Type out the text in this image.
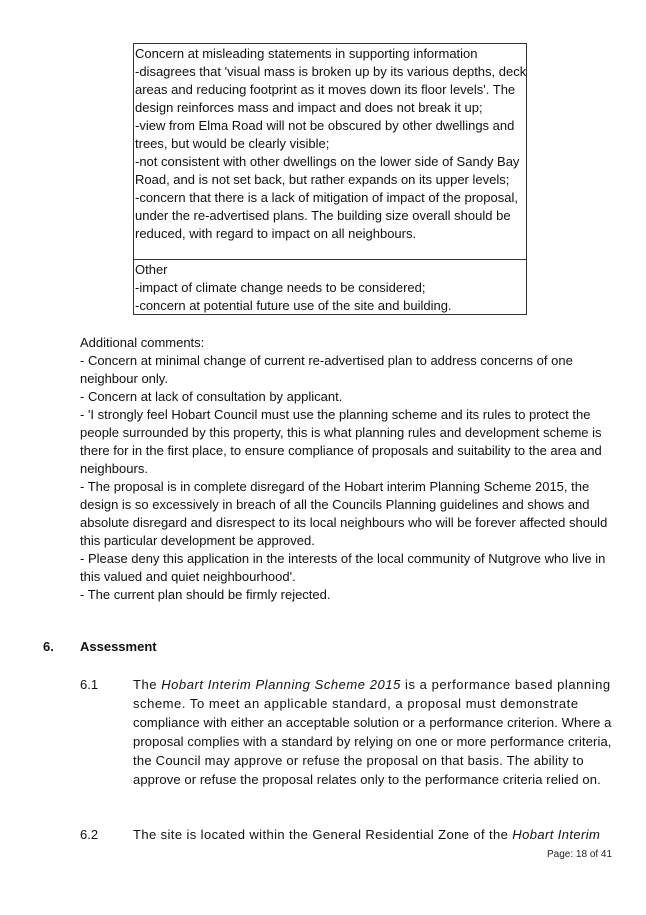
Concern at misleading statements in supporting information
-disagrees that 'visual mass is broken up by its various depths, deck
areas and reducing footprint as it moves down its floor levels'. The
design reinforces mass and impact and does not break it up;
-view from Elma Road will not be obscured by other dwellings and
trees, but would be clearly visible;
-not consistent with other dwellings on the lower side of Sandy Bay
Road, and is not set back, but rather expands on its upper levels;
-concern that there is a lack of mitigation of impact of the proposal,
under the re-advertised plans. The building size overall should be
reduced, with regard to impact on all neighbours.
Other
-impact of climate change needs to be considered;
-concern at potential future use of the site and building.
Additional comments:
- Concern at minimal change of current re-advertised plan to address concerns of one
neighbour only.
- Concern at lack of consultation by applicant.
- 'I strongly feel Hobart Council must use the planning scheme and its rules to protect the
people surrounded by this property, this is what planning rules and development scheme is
there for in the first place, to ensure compliance of proposals and suitability to the area and
neighbours.
- The proposal is in complete disregard of the Hobart interim Planning Scheme 2015, the
design is so excessively in breach of all the Councils Planning guidelines and shows and
absolute disregard and disrespect to its local neighbours who will be forever affected should
this particular development be approved.
- Please deny this application in the interests of the local community of Nutgrove who live in
this valued and quiet neighbourhood'.
- The current plan should be firmly rejected.
6. Assessment
6.1	The Hobart Interim Planning Scheme 2015 is a performance based planning
scheme. To meet an applicable standard, a proposal must demonstrate
compliance with either an acceptable solution or a performance criterion. Where a
proposal complies with a standard by relying on one or more performance criteria,
the Council may approve or refuse the proposal on that basis. The ability to
approve or refuse the proposal relates only to the performance criteria relied on.
6.2	The site is located within the General Residential Zone of the Hobart Interim
Page: 18 of 41
